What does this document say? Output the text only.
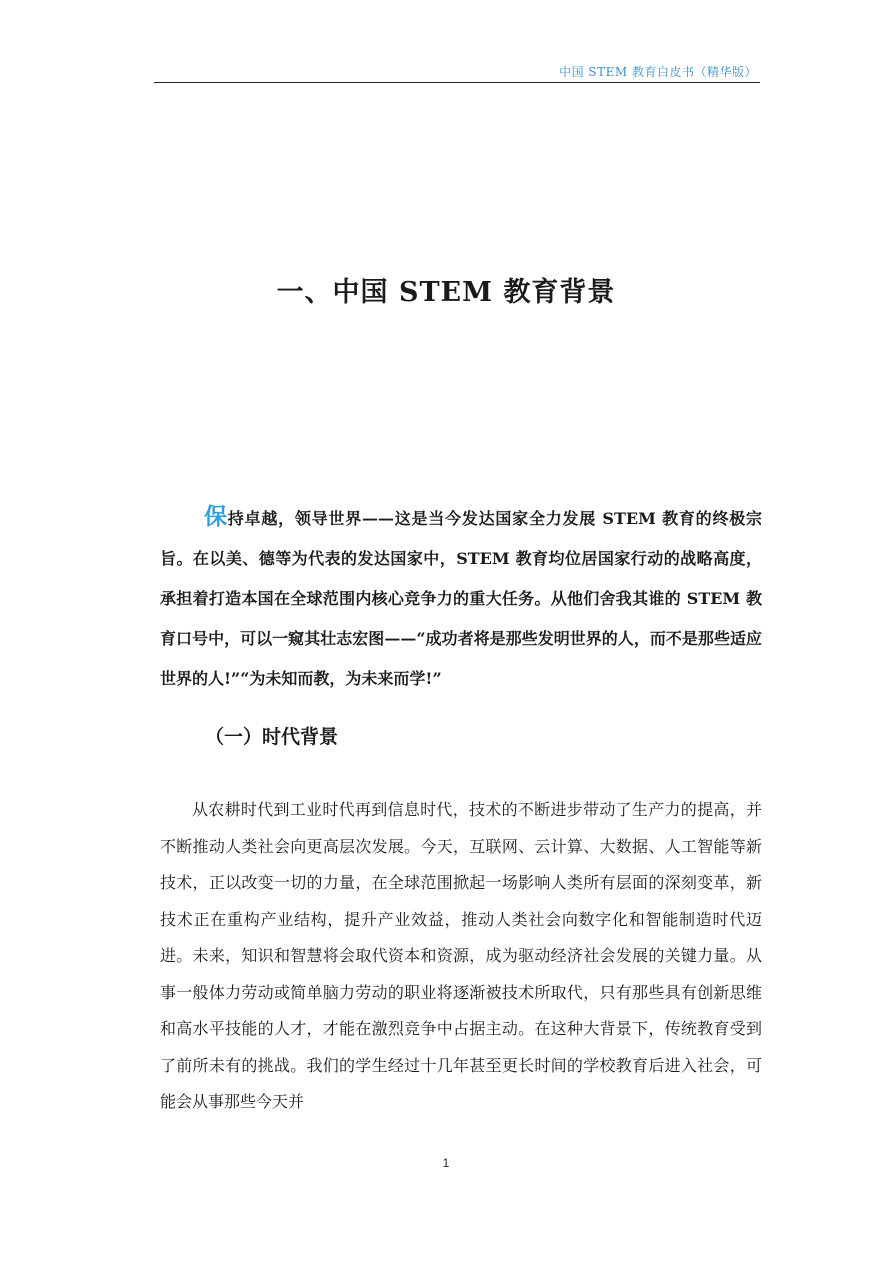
中国 STEM 教育白皮书（精华版）
一、中国 STEM 教育背景

保持卓越，领导世界——这是当今发达国家全力发展 STEM 教育的终极宗旨。在以美、德等为代表的发达国家中，STEM 教育均位居国家行动的战略高度，承担着打造本国在全球范围内核心竞争力的重大任务。从他们舍我其谁的 STEM 教育口号中，可以一窥其壮志宏图——“成功者将是那些发明世界的人，而不是那些适应世界的人!”“为未知而教，为未来而学!”

（一）时代背景

从农耕时代到工业时代再到信息时代，技术的不断进步带动了生产力的提高，并不断推动人类社会向更高层次发展。今天，互联网、云计算、大数据、人工智能等新技术，正以改变一切的力量，在全球范围掀起一场影响人类所有层面的深刻变革，新技术正在重构产业结构，提升产业效益，推动人类社会向数字化和智能制造时代迈进。未来，知识和智慧将会取代资本和资源，成为驱动经济社会发展的关键力量。从事一般体力劳动或简单脑力劳动的职业将逐渐被技术所取代，只有那些具有创新思维和高水平技能的人才，才能在激烈竞争中占据主动。在这种大背景下，传统教育受到了前所未有的挑战。我们的学生经过十几年甚至更长时间的学校教育后进入社会，可能会从事那些今天并

1
